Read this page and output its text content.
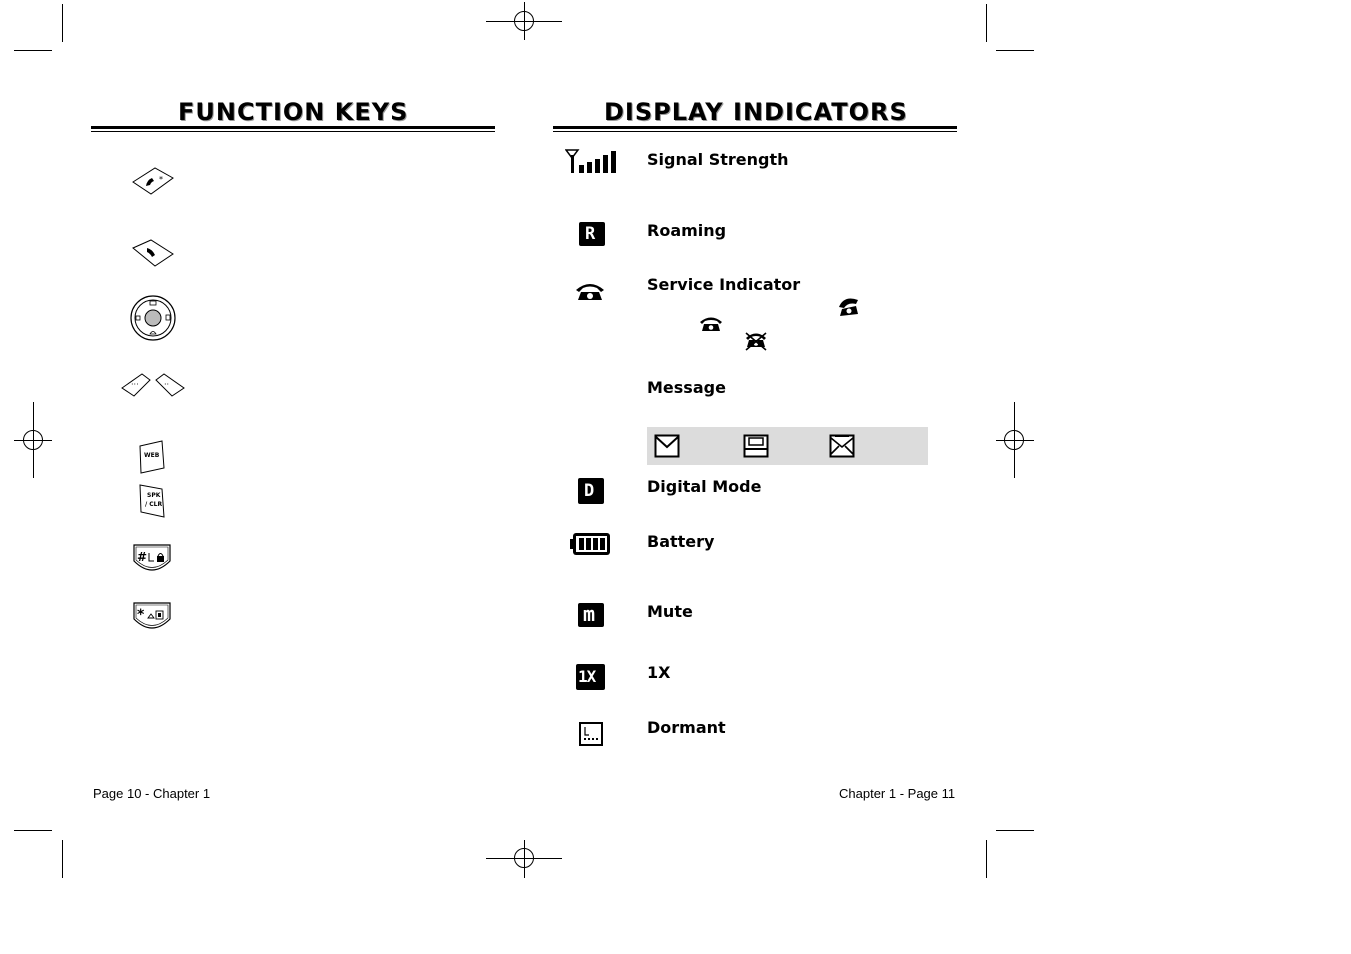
FUNCTION KEYS
*
···	··
WEB
SPK
/ CLR
#
*
Page 10 - Chapter 1
DISPLAY INDICATORS
Signal Strength
R	Roaming
Service Indicator
Message
D	Digital Mode
Battery
m	Mute
1X	1X
Dormant
Chapter 1 - Page 11
